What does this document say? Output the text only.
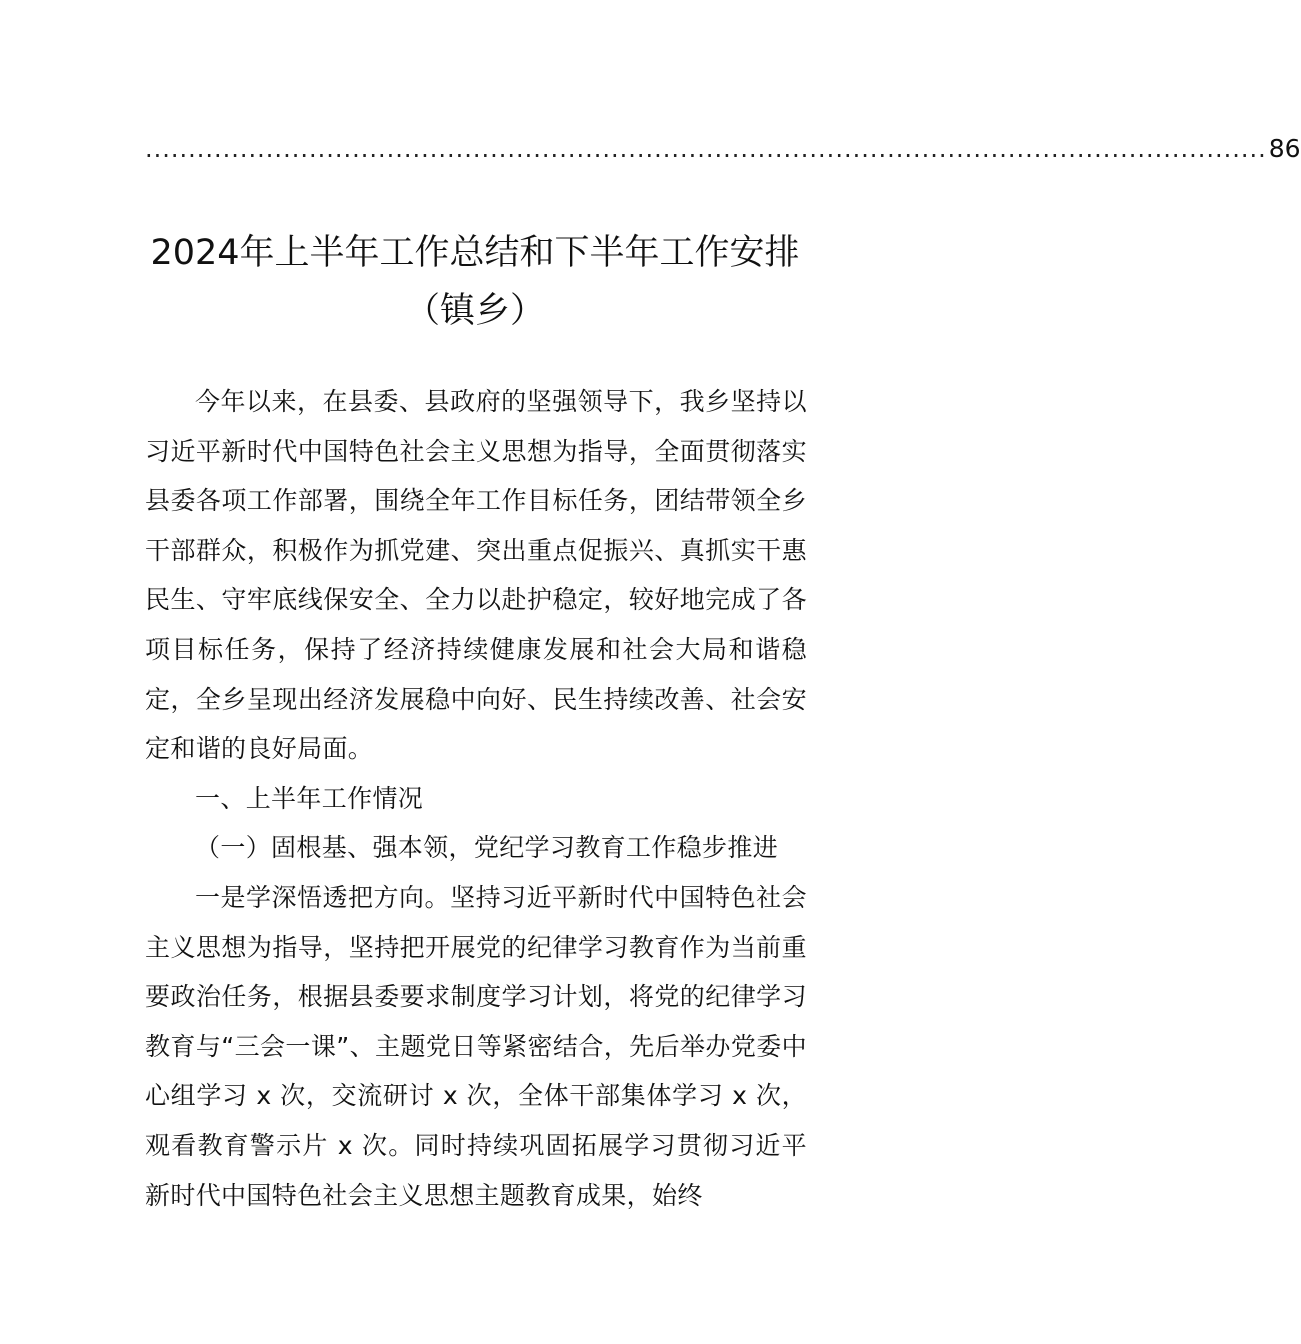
.................................................................................................................................. 86
2024年上半年工作总结和下半年工作安排
（镇乡）

今年以来，在县委、县政府的坚强领导下，我乡坚持以习近平新时代中国特色社会主义思想为指导，全面贯彻落实县委各项工作部署，围绕全年工作目标任务，团结带领全乡干部群众，积极作为抓党建、突出重点促振兴、真抓实干惠民生、守牢底线保安全、全力以赴护稳定，较好地完成了各项目标任务，保持了经济持续健康发展和社会大局和谐稳定，全乡呈现出经济发展稳中向好、民生持续改善、社会安定和谐的良好局面。

一、上半年工作情况

（一）固根基、强本领，党纪学习教育工作稳步推进

一是学深悟透把方向。坚持习近平新时代中国特色社会主义思想为指导，坚持把开展党的纪律学习教育作为当前重要政治任务，根据县委要求制度学习计划，将党的纪律学习教育与“三会一课”、主题党日等紧密结合，先后举办党委中心组学习 x 次，交流研讨 x 次，全体干部集体学习 x 次，观看教育警示片 x 次。同时持续巩固拓展学习贯彻习近平新时代中国特色社会主义思想主题教育成果，始终
